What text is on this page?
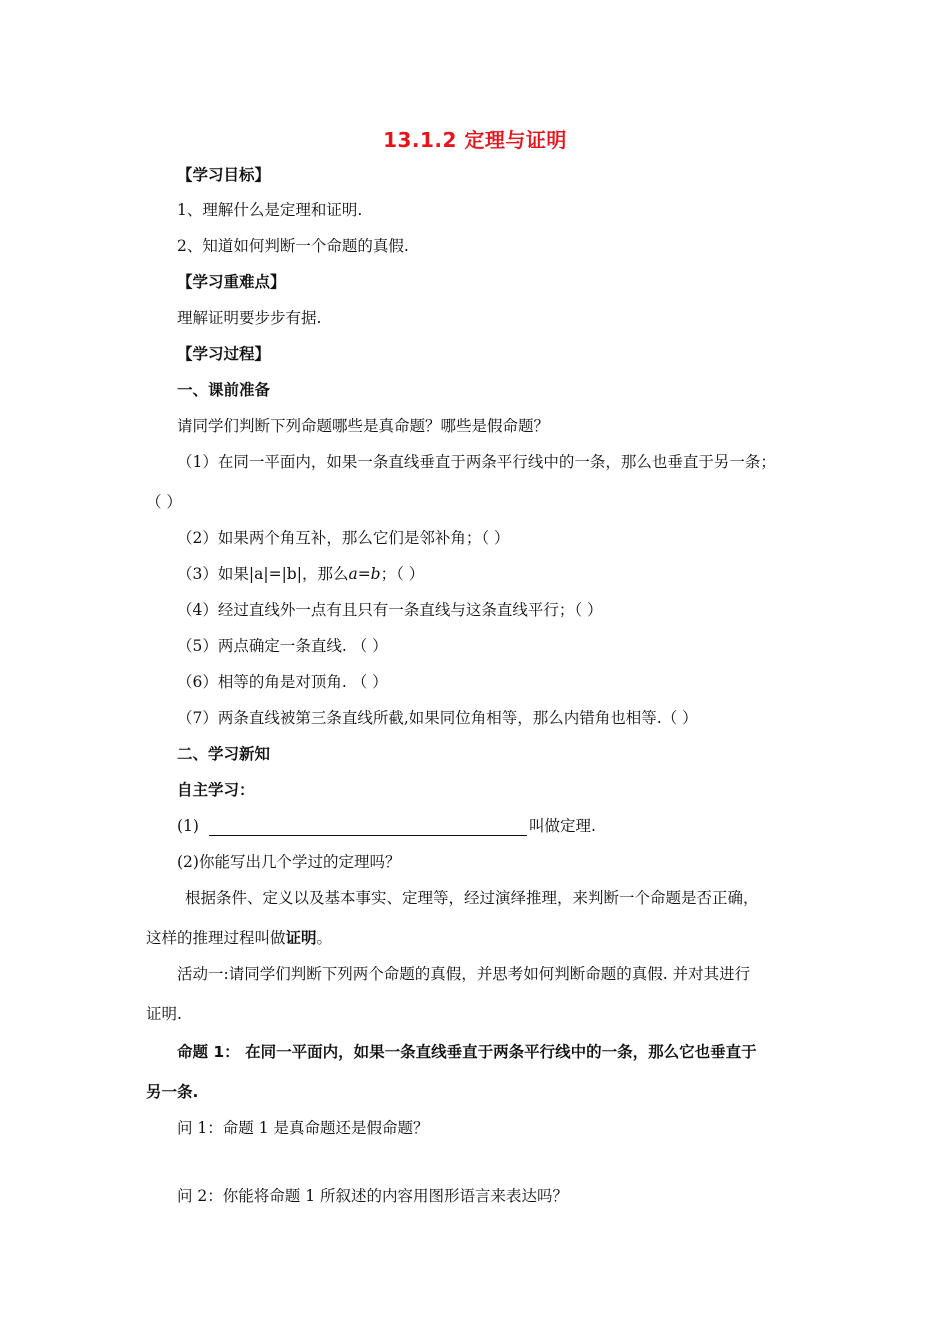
13.1.2 定理与证明
【学习目标】
1、理解什么是定理和证明.
2、知道如何判断一个命题的真假.
【学习重难点】
理解证明要步步有据.
【学习过程】
一、课前准备
请同学们判断下列命题哪些是真命题？哪些是假命题？
（1）在同一平面内，如果一条直线垂直于两条平行线中的一条，那么也垂直于另一条；
（ ）
（2）如果两个角互补，那么它们是邻补角；（ ）
（3）如果|a|=|b|，那么a=b；（ ）
（4）经过直线外一点有且只有一条直线与这条直线平行；（ ）
（5）两点确定一条直线. （ ）
（6）相等的角是对顶角. （ ）
（7）两条直线被第三条直线所截,如果同位角相等，那么内错角也相等.（ ）
二、学习新知
自主学习：
(1)	叫做定理.
(2)你能写出几个学过的定理吗？
根据条件、定义以及基本事实、定理等，经过演绎推理，来判断一个命题是否正确，
这样的推理过程叫做证明。
活动一:请同学们判断下列两个命题的真假，并思考如何判断命题的真假. 并对其进行
证明.
命题 1： 在同一平面内，如果一条直线垂直于两条平行线中的一条，那么它也垂直于
另一条.
问 1：命题 1 是真命题还是假命题？
问 2：你能将命题 1 所叙述的内容用图形语言来表达吗？
